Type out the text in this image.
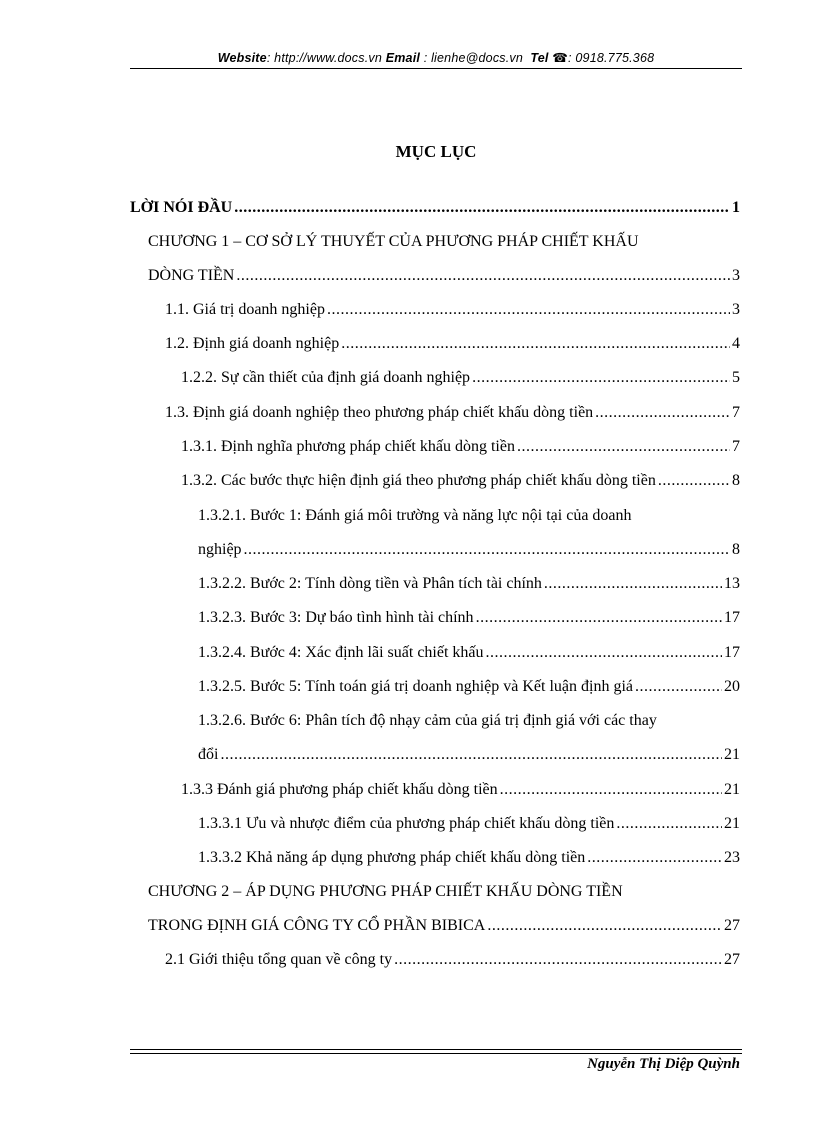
Website: http://www.docs.vn Email : lienhe@docs.vn Tel ☎: 0918.775.368
MỤC LỤC
LỜI NÓI ĐẦU .....	1
CHƯƠNG 1 – CƠ SỞ LÝ THUYẾT CỦA PHƯƠNG PHÁP CHIẾT KHẤU
DÒNG TIỀN .....	3
1.1. Giá trị doanh nghiệp .....	3
1.2. Định giá doanh nghiệp .....	4
1.2.2. Sự cần thiết của định giá doanh nghiệp .....	5
1.3. Định giá doanh nghiệp theo phương pháp chiết khấu dòng tiền .....	7
1.3.1. Định nghĩa phương pháp chiết khấu dòng tiền .....	7
1.3.2. Các bước thực hiện định giá theo phương pháp chiết khấu dòng tiền .....	8
1.3.2.1. Bước 1: Đánh giá môi trường và năng lực nội tại của doanh
nghiệp .....	8
1.3.2.2. Bước 2: Tính dòng tiền và Phân tích tài chính .....	13
1.3.2.3. Bước 3: Dự báo tình hình tài chính .....	17
1.3.2.4. Bước 4: Xác định lãi suất chiết khấu .....	17
1.3.2.5. Bước 5: Tính toán giá trị doanh nghiệp và Kết luận định giá .....	20
1.3.2.6. Bước 6: Phân tích độ nhạy cảm của giá trị định giá với các thay
đổi .....	21
1.3.3 Đánh giá phương pháp chiết khấu dòng tiền .....	21
1.3.3.1 Ưu và nhược điểm của phương pháp chiết khấu dòng tiền .....	21
1.3.3.2 Khả năng áp dụng phương pháp chiết khấu dòng tiền .....	23
CHƯƠNG 2 – ÁP DỤNG PHƯƠNG PHÁP CHIẾT KHẤU DÒNG TIỀN
TRONG ĐỊNH GIÁ CÔNG TY CỔ PHẦN BIBICA .....	27
2.1 Giới thiệu tổng quan về công ty .....	27
Nguyễn Thị Diệp Quỳnh
